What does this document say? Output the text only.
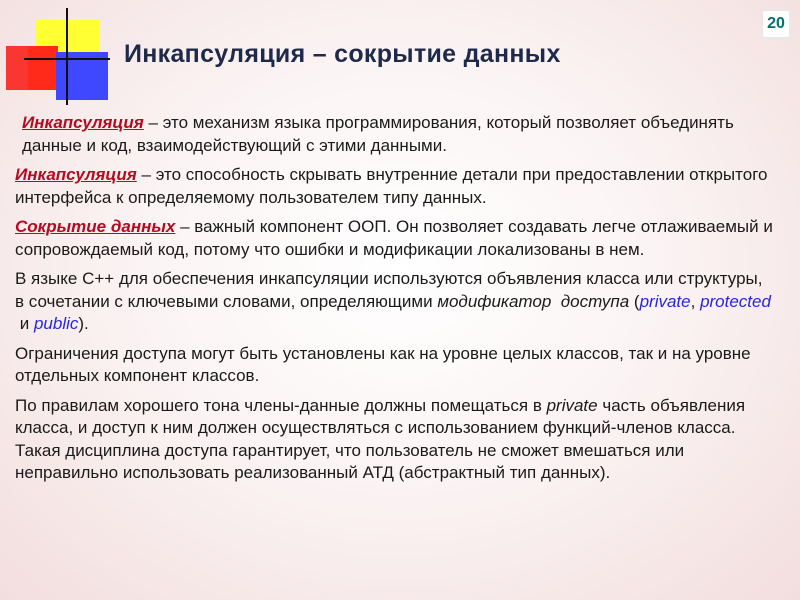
20
Инкапсуляция – сокрытие данных

Инкапсуляция – это механизм языка программирования, который позволяет объединять данные и код, взаимодействующий с этими данными.

Инкапсуляция – это способность скрывать внутренние детали при предоставлении открытого интерфейса к определяемому пользователем типу данных.

Сокрытие данных – важный компонент ООП. Он позволяет создавать легче отлаживаемый и сопровождаемый код, потому что ошибки и модификации локализованы в нем.

В языке C++ для обеспечения инкапсуляции используются объявления класса или структуры, в сочетании с ключевыми словами, определяющими модификатор  доступа (private, protected и public).

Ограничения доступа могут быть установлены как на уровне целых классов, так и на уровне отдельных компонент классов.

По правилам хорошего тона члены-данные должны помещаться в private часть объявления класса, и доступ к ним должен осуществляться с использованием функций-членов класса. Такая дисциплина доступа гарантирует, что пользователь не сможет вмешаться или неправильно использовать реализованный АТД (абстрактный тип данных).
